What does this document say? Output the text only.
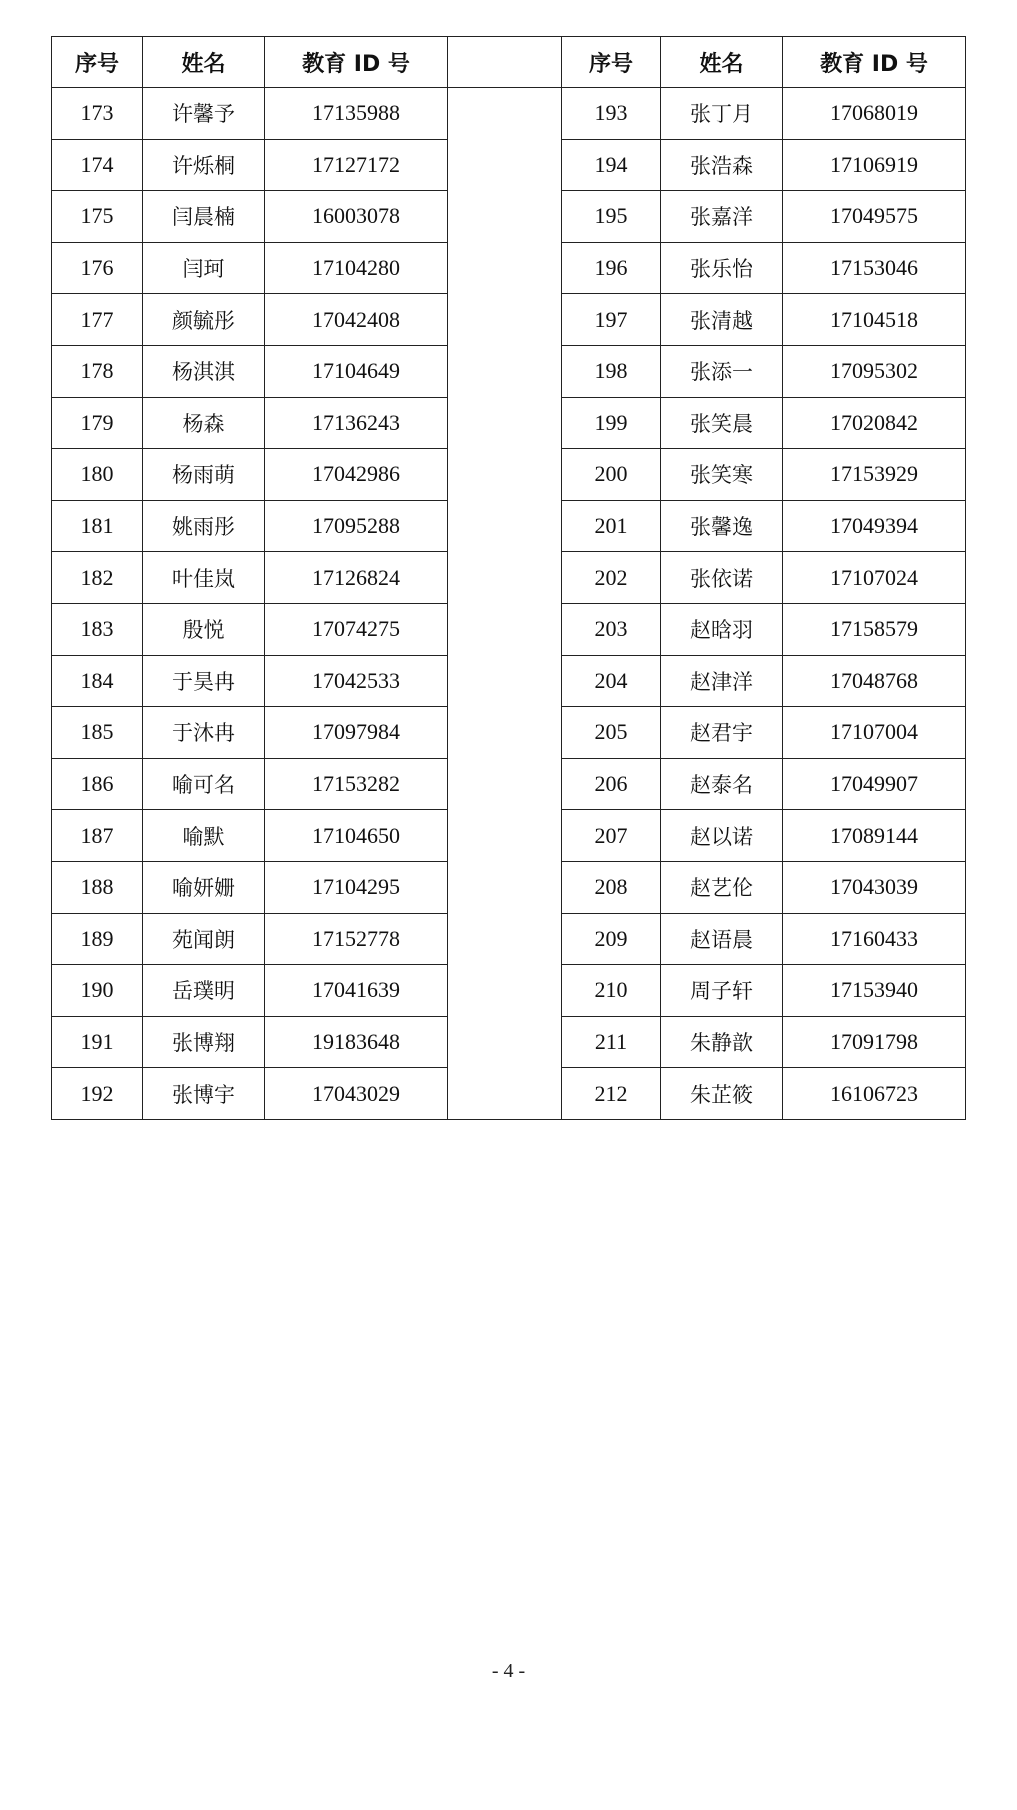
序号	姓名	教育 ID 号		序号	姓名	教育 ID 号
173	许馨予	17135988		193	张丁月	17068019
174	许烁桐	17127172		194	张浩森	17106919
175	闫晨楠	16003078		195	张嘉洋	17049575
176	闫珂	17104280		196	张乐怡	17153046
177	颜毓彤	17042408		197	张清越	17104518
178	杨淇淇	17104649		198	张添一	17095302
179	杨森	17136243		199	张笑晨	17020842
180	杨雨萌	17042986		200	张笑寒	17153929
181	姚雨彤	17095288		201	张馨逸	17049394
182	叶佳岚	17126824		202	张依诺	17107024
183	殷悦	17074275		203	赵晗羽	17158579
184	于昊冉	17042533		204	赵津洋	17048768
185	于沐冉	17097984		205	赵君宇	17107004
186	喻可名	17153282		206	赵泰名	17049907
187	喻默	17104650		207	赵以诺	17089144
188	喻妍姗	17104295		208	赵艺伦	17043039
189	苑闻朗	17152778		209	赵语晨	17160433
190	岳璞明	17041639		210	周子轩	17153940
191	张博翔	19183648		211	朱静歆	17091798
192	张博宇	17043029		212	朱芷筱	16106723
- 4 -
